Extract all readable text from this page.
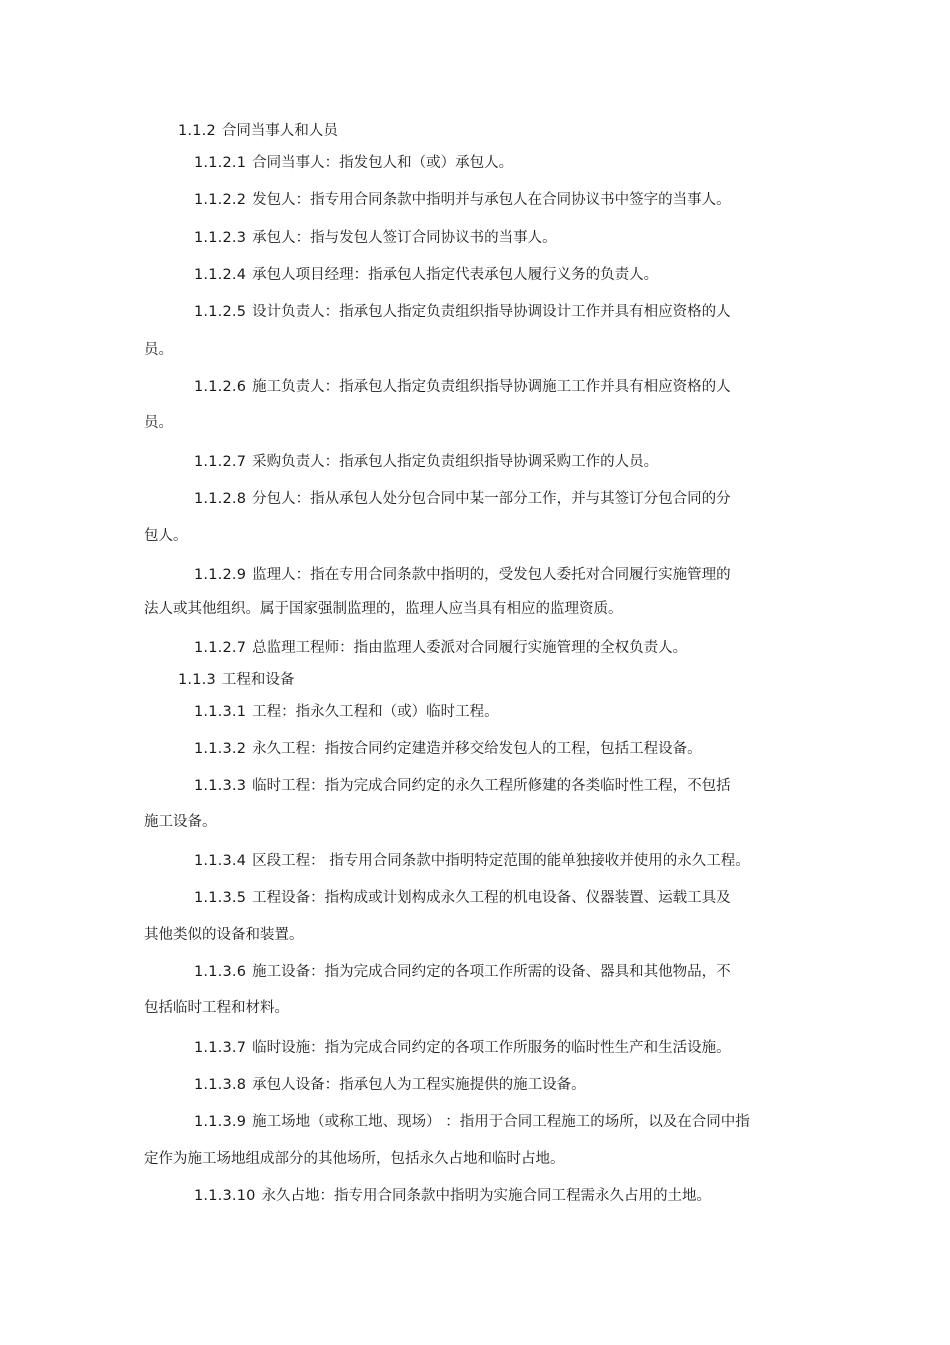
1.1.2 合同当事人和人员
1.1.2.1 合同当事人：指发包人和（或）承包人。
1.1.2.2 发包人：指专用合同条款中指明并与承包人在合同协议书中签字的当事人。
1.1.2.3 承包人：指与发包人签订合同协议书的当事人。
1.1.2.4 承包人项目经理：指承包人指定代表承包人履行义务的负责人。
1.1.2.5 设计负责人：指承包人指定负责组织指导协调设计工作并具有相应资格的人
员。
1.1.2.6 施工负责人：指承包人指定负责组织指导协调施工工作并具有相应资格的人
员。
1.1.2.7 采购负责人：指承包人指定负责组织指导协调采购工作的人员。
1.1.2.8 分包人：指从承包人处分包合同中某一部分工作，并与其签订分包合同的分
包人。
1.1.2.9 监理人：指在专用合同条款中指明的，受发包人委托对合同履行实施管理的
法人或其他组织。属于国家强制监理的，监理人应当具有相应的监理资质。
1.1.2.7 总监理工程师：指由监理人委派对合同履行实施管理的全权负责人。
1.1.3 工程和设备
1.1.3.1 工程：指永久工程和（或）临时工程。
1.1.3.2 永久工程：指按合同约定建造并移交给发包人的工程，包括工程设备。
1.1.3.3 临时工程：指为完成合同约定的永久工程所修建的各类临时性工程，不包括
施工设备。
1.1.3.4 区段工程： 指专用合同条款中指明特定范围的能单独接收并使用的永久工程。
1.1.3.5 工程设备：指构成或计划构成永久工程的机电设备、仪器装置、运载工具及
其他类似的设备和装置。
1.1.3.6 施工设备：指为完成合同约定的各项工作所需的设备、器具和其他物品，不
包括临时工程和材料。
1.1.3.7 临时设施：指为完成合同约定的各项工作所服务的临时性生产和生活设施。
1.1.3.8 承包人设备：指承包人为工程实施提供的施工设备。
1.1.3.9 施工场地（或称工地、现场） ：指用于合同工程施工的场所，以及在合同中指
定作为施工场地组成部分的其他场所，包括永久占地和临时占地。
1.1.3.10 永久占地：指专用合同条款中指明为实施合同工程需永久占用的土地。
